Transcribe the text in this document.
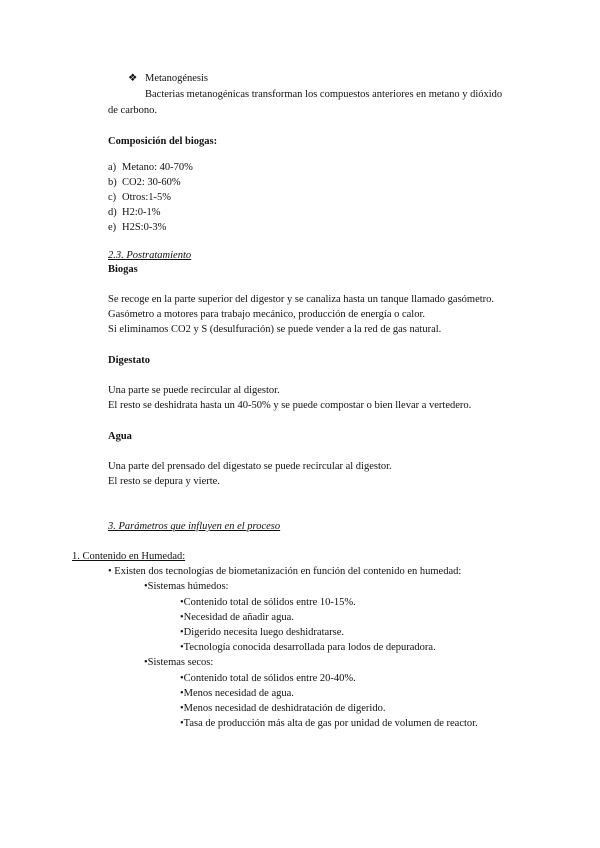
❖ Metanogénesis
Bacterias metanogénicas transforman los compuestos anteriores en metano y dióxido
de carbono.
Composición del biogas:
a) Metano: 40-70%
b) CO2: 30-60%
c) Otros:1-5%
d) H2:0-1%
e) H2S:0-3%
2.3. Postratamiento
Biogas
Se recoge en la parte superior del digestor y se canaliza hasta un tanque llamado gasómetro.
Gasómetro a motores para trabajo mecánico, producción de energía o calor.
Si eliminamos CO2 y S (desulfuración) se puede vender a la red de gas natural.
Digestato
Una parte se puede recircular al digestor.
El resto se deshidrata hasta un 40-50% y se puede compostar o bien llevar a vertedero.
Agua
Una parte del prensado del digestato se puede recircular al digestor.
El resto se depura y vierte.
3. Parámetros que influyen en el proceso
1. Contenido en Humedad:
• Existen dos tecnologías de biometanización en función del contenido en humedad:
•Sistemas húmedos:
•Contenido total de sólidos entre 10-15%.
•Necesidad de añadir agua.
•Digerido necesita luego deshidratarse.
•Tecnología conocida desarrollada para lodos de depuradora.
•Sistemas secos:
•Contenido total de sólidos entre 20-40%.
•Menos necesidad de agua.
•Menos necesidad de deshidratación de digerido.
•Tasa de producción más alta de gas por unidad de volumen de reactor.
